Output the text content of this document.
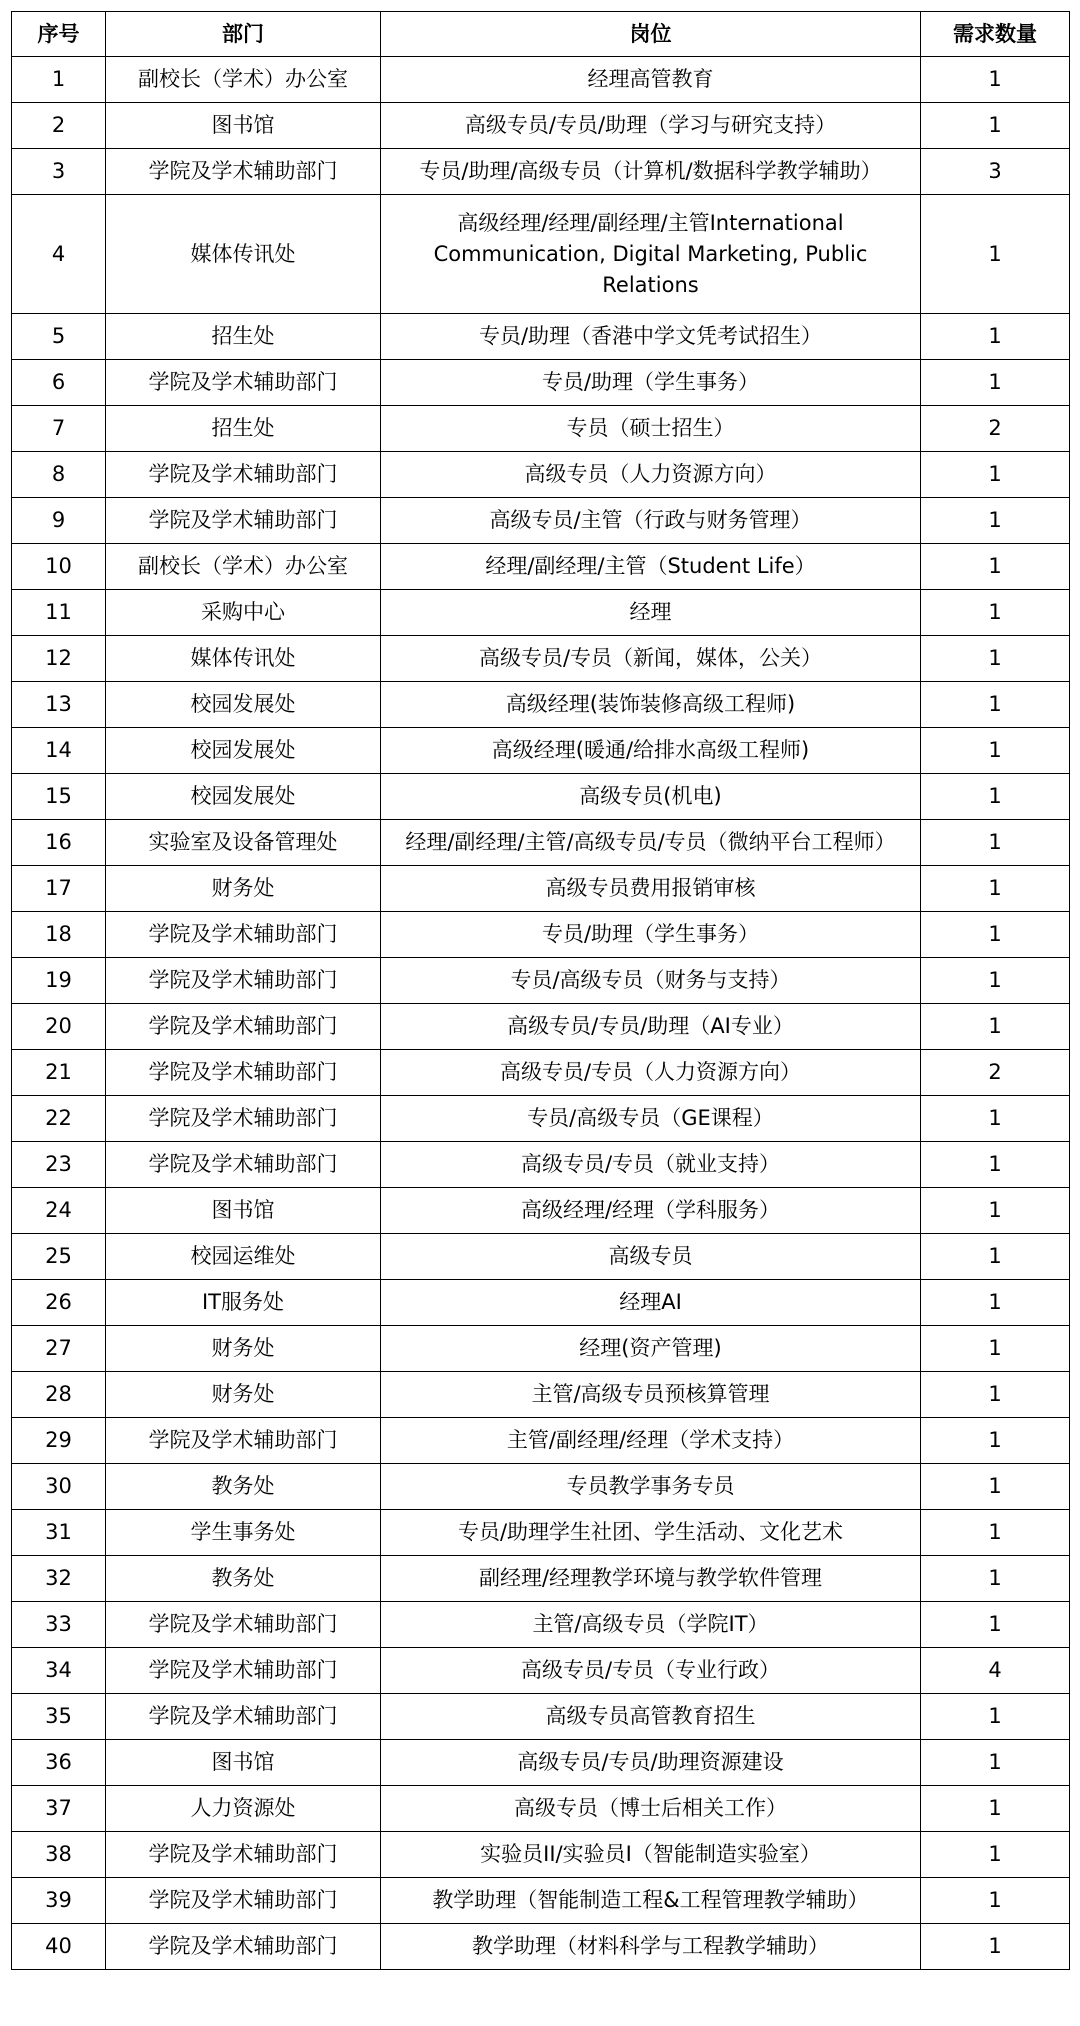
序号	部门	岗位	需求数量
1	副校长（学术）办公室	经理高管教育	1
2	图书馆	高级专员/专员/助理（学习与研究支持）	1
3	学院及学术辅助部门	专员/助理/高级专员（计算机/数据科学教学辅助）	3
4	媒体传讯处	高级经理/经理/副经理/主管International Communication, Digital Marketing, Public Relations	1
5	招生处	专员/助理（香港中学文凭考试招生）	1
6	学院及学术辅助部门	专员/助理（学生事务）	1
7	招生处	专员（硕士招生）	2
8	学院及学术辅助部门	高级专员（人力资源方向）	1
9	学院及学术辅助部门	高级专员/主管（行政与财务管理）	1
10	副校长（学术）办公室	经理/副经理/主管（Student Life）	1
11	采购中心	经理	1
12	媒体传讯处	高级专员/专员（新闻，媒体，公关）	1
13	校园发展处	高级经理(装饰装修高级工程师)	1
14	校园发展处	高级经理(暖通/给排水高级工程师)	1
15	校园发展处	高级专员(机电)	1
16	实验室及设备管理处	经理/副经理/主管/高级专员/专员（微纳平台工程师）	1
17	财务处	高级专员费用报销审核	1
18	学院及学术辅助部门	专员/助理（学生事务）	1
19	学院及学术辅助部门	专员/高级专员（财务与支持）	1
20	学院及学术辅助部门	高级专员/专员/助理（AI专业）	1
21	学院及学术辅助部门	高级专员/专员（人力资源方向）	2
22	学院及学术辅助部门	专员/高级专员（GE课程）	1
23	学院及学术辅助部门	高级专员/专员（就业支持）	1
24	图书馆	高级经理/经理（学科服务）	1
25	校园运维处	高级专员	1
26	IT服务处	经理AI	1
27	财务处	经理(资产管理)	1
28	财务处	主管/高级专员预核算管理	1
29	学院及学术辅助部门	主管/副经理/经理（学术支持）	1
30	教务处	专员教学事务专员	1
31	学生事务处	专员/助理学生社团、学生活动、文化艺术	1
32	教务处	副经理/经理教学环境与教学软件管理	1
33	学院及学术辅助部门	主管/高级专员（学院IT）	1
34	学院及学术辅助部门	高级专员/专员（专业行政）	4
35	学院及学术辅助部门	高级专员高管教育招生	1
36	图书馆	高级专员/专员/助理资源建设	1
37	人力资源处	高级专员（博士后相关工作）	1
38	学院及学术辅助部门	实验员II/实验员I（智能制造实验室）	1
39	学院及学术辅助部门	教学助理（智能制造工程&工程管理教学辅助）	1
40	学院及学术辅助部门	教学助理（材料科学与工程教学辅助）	1
